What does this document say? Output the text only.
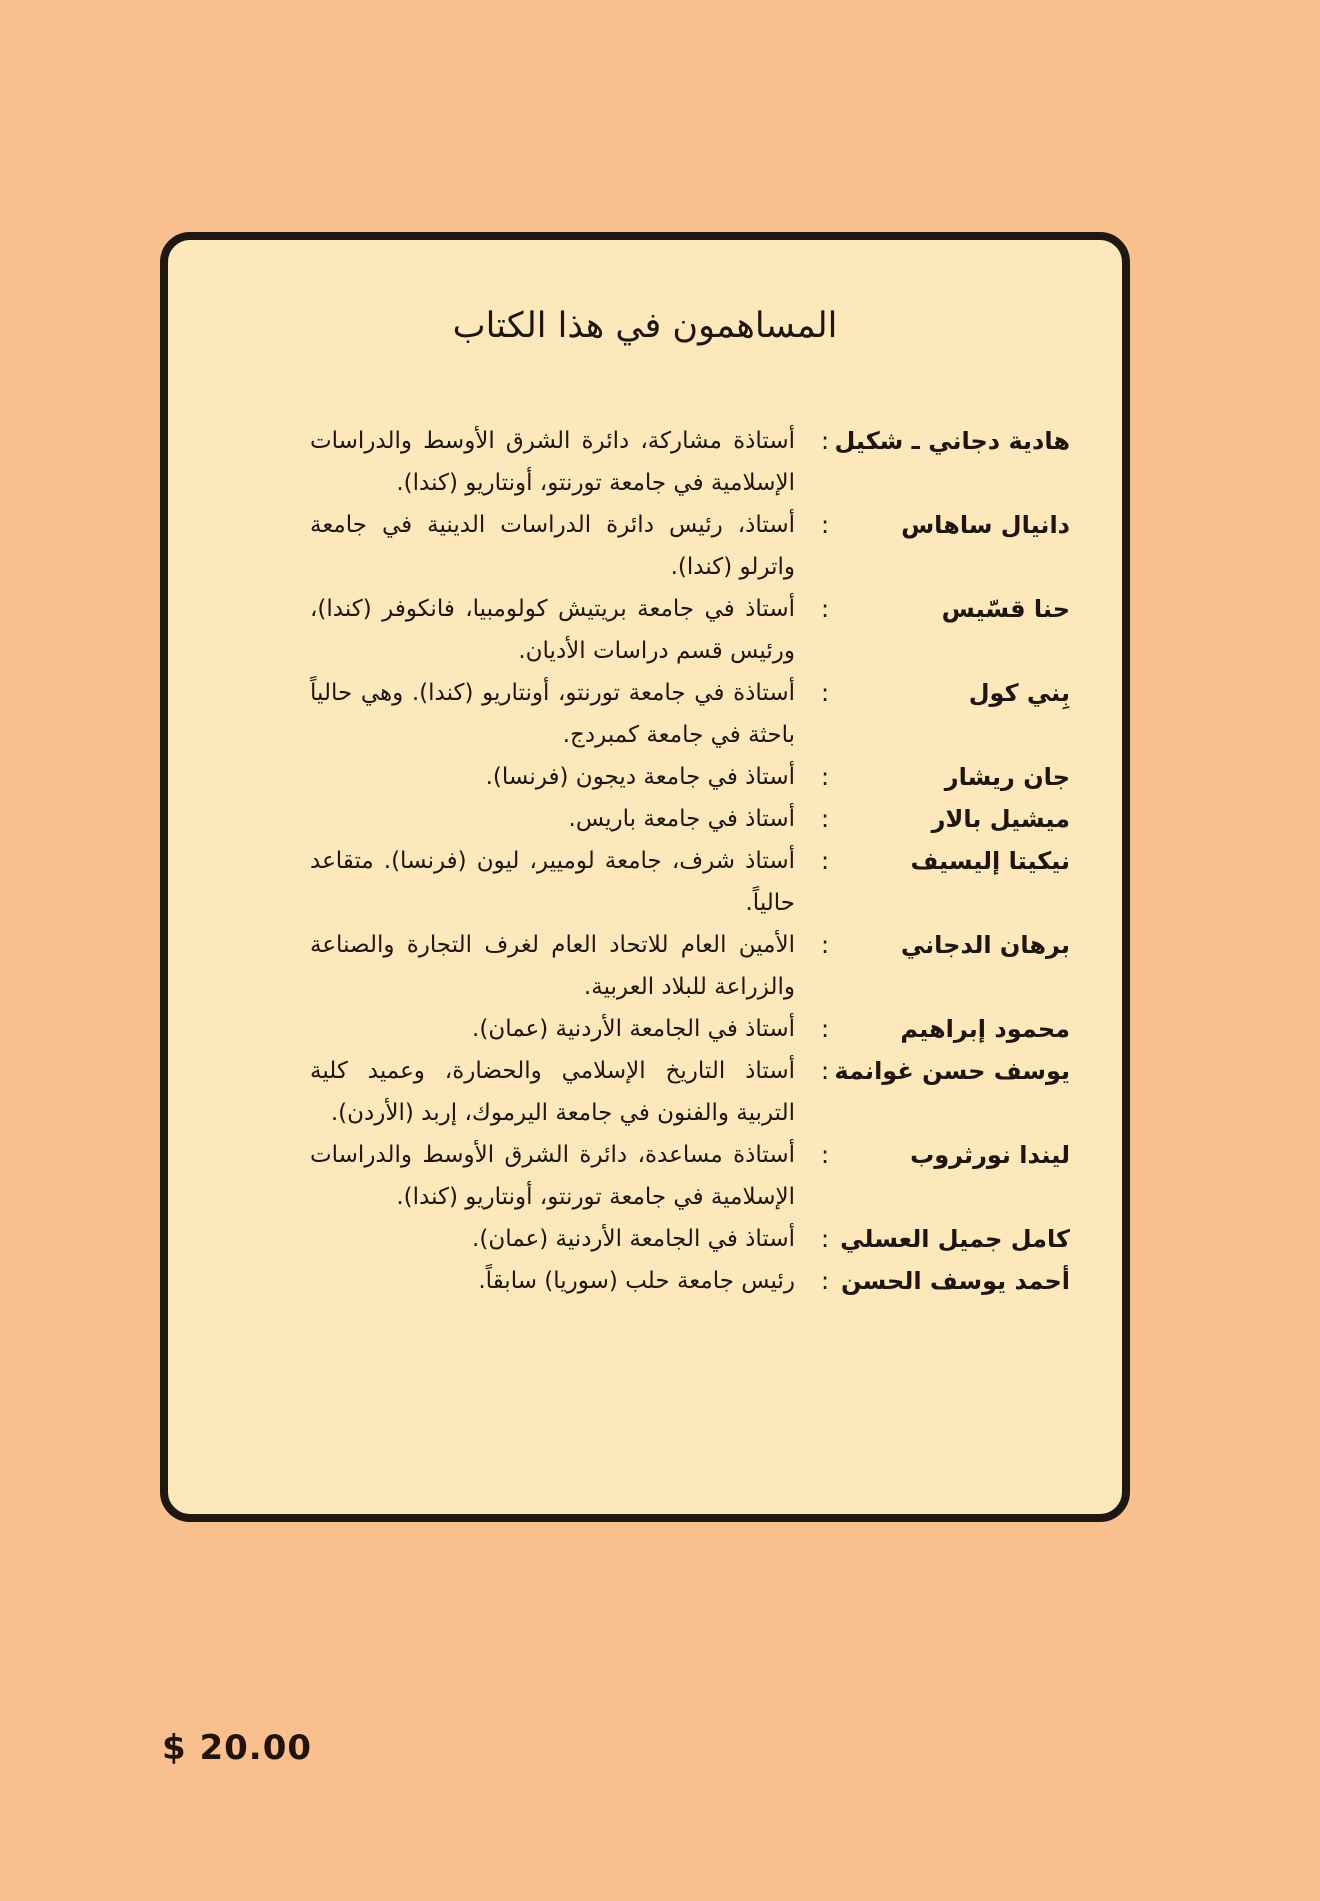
المساهمون في هذا الكتاب
هادية دجاني ـ شكيل
:
أستاذة مشاركة، دائرة الشرق الأوسط والدراسات الإسلامية في جامعة تورنتو، أونتاريو (كندا).
دانيال ساهاس
:
أستاذ، رئيس دائرة الدراسات الدينية في جامعة واترلو (كندا).
حنا قسّيس
:
أستاذ في جامعة بريتيش كولومبيا، فانكوفر (كندا)، ورئيس قسم دراسات الأديان.
بِني كول
:
أستاذة في جامعة تورنتو، أونتاريو (كندا). وهي حالياً باحثة في جامعة كمبردج.
جان ريشار
:
أستاذ في جامعة ديجون (فرنسا).
ميشيل بالار
:
أستاذ في جامعة باريس.
نيكيتا إليسيف
:
أستاذ شرف، جامعة لوميير، ليون (فرنسا). متقاعد حالياً.
برهان الدجاني
:
الأمين العام للاتحاد العام لغرف التجارة والصناعة والزراعة للبلاد العربية.
محمود إبراهيم
:
أستاذ في الجامعة الأردنية (عمان).
يوسف حسن غوانمة
:
أستاذ التاريخ الإسلامي والحضارة، وعميد كلية التربية والفنون في جامعة اليرموك، إربد (الأردن).
ليندا نورثروب
:
أستاذة مساعدة، دائرة الشرق الأوسط والدراسات الإسلامية في جامعة تورنتو، أونتاريو (كندا).
كامل جميل العسلي
:
أستاذ في الجامعة الأردنية (عمان).
أحمد يوسف الحسن
:
رئيس جامعة حلب (سوريا) سابقاً.
$ 20.00
